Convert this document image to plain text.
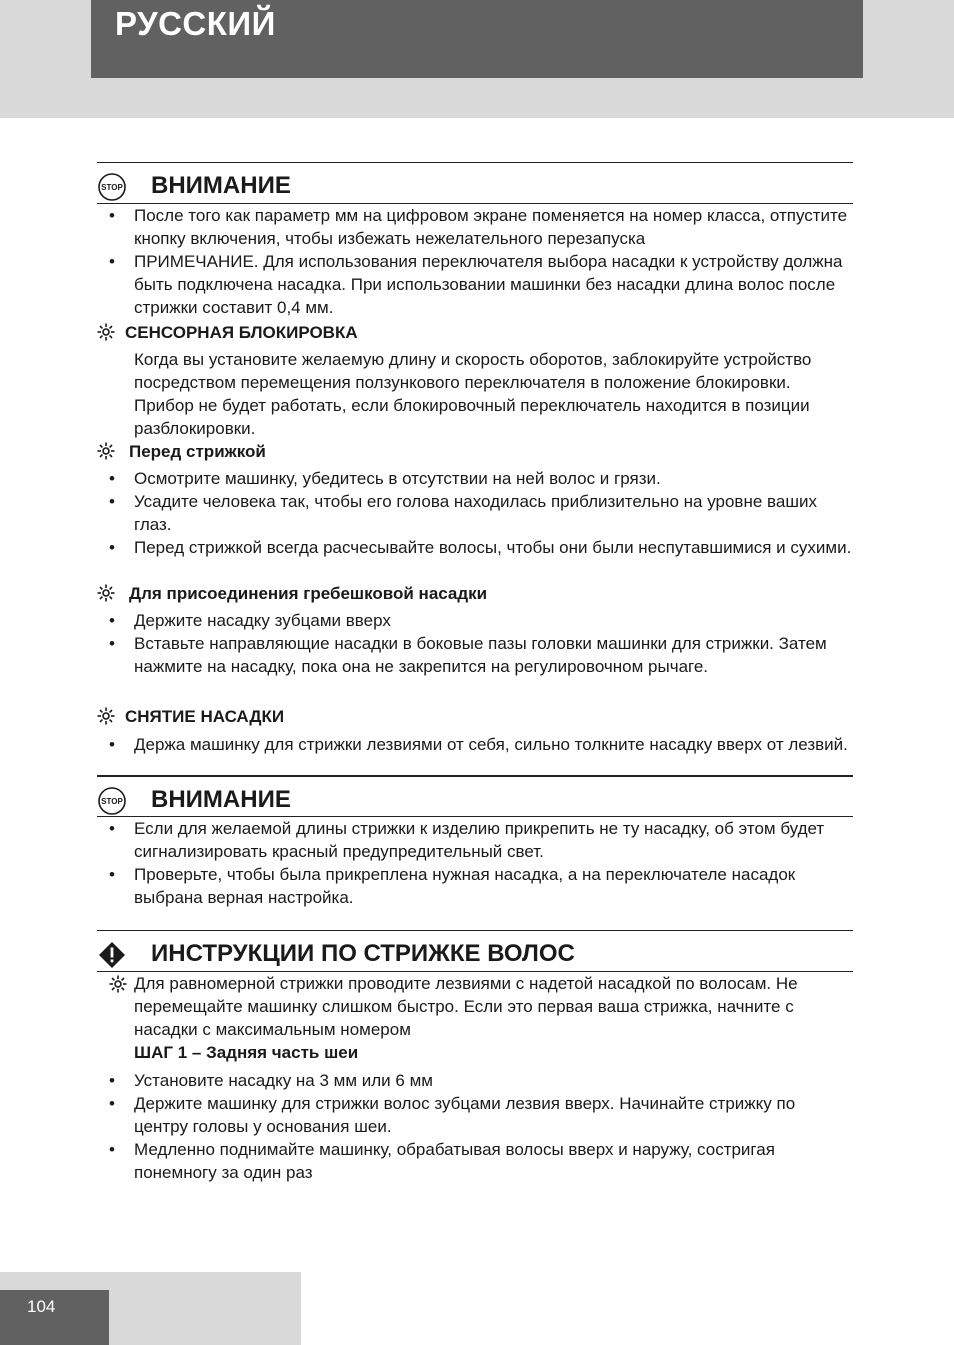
РУССКИЙ
STOP ВНИМАНИЕ
• После того как параметр мм на цифровом экране поменяется на номер класса, отпустите кнопку включения, чтобы избежать нежелательного перезапуска
• ПРИМЕЧАНИЕ. Для использования переключателя выбора насадки к устройству должна быть подключена насадка. При использовании машинки без насадки длина волос после стрижки составит 0,4 мм.
СЕНСОРНАЯ БЛОКИРОВКА
Когда вы установите желаемую длину и скорость оборотов, заблокируйте устройство посредством перемещения ползункового переключателя в положение блокировки.
Прибор не будет работать, если блокировочный переключатель находится в позиции разблокировки.
Перед стрижкой
• Осмотрите машинку, убедитесь в отсутствии на ней волос и грязи.
• Усадите человека так, чтобы его голова находилась приблизительно на уровне ваших глаз.
• Перед стрижкой всегда расчесывайте волосы, чтобы они были неспутавшимися и сухими.
Для присоединения гребешковой насадки
• Держите насадку зубцами вверх
• Вставьте направляющие насадки в боковые пазы головки машинки для стрижки. Затем нажмите на насадку, пока она не закрепится на регулировочном рычаге.
СНЯТИЕ НАСАДКИ
• Держа машинку для стрижки лезвиями от себя, сильно толкните насадку вверх от лезвий.
STOP ВНИМАНИЕ
• Если для желаемой длины стрижки к изделию прикрепить не ту насадку, об этом будет сигнализировать красный предупредительный свет.
• Проверьте, чтобы была прикреплена нужная насадка, а на переключателе насадок выбрана верная настройка.
ИНСТРУКЦИИ ПО СТРИЖКЕ ВОЛОС
Для равномерной стрижки проводите лезвиями с надетой насадкой по волосам. Не перемещайте машинку слишком быстро. Если это первая ваша стрижка, начните с насадки с максимальным номером
ШАГ 1 – Задняя часть шеи
• Установите насадку на 3 мм или 6 мм
• Держите машинку для стрижки волос зубцами лезвия вверх. Начинайте стрижку по центру головы у основания шеи.
• Медленно поднимайте машинку, обрабатывая волосы вверх и наружу, состригая понемногу за один раз
104
